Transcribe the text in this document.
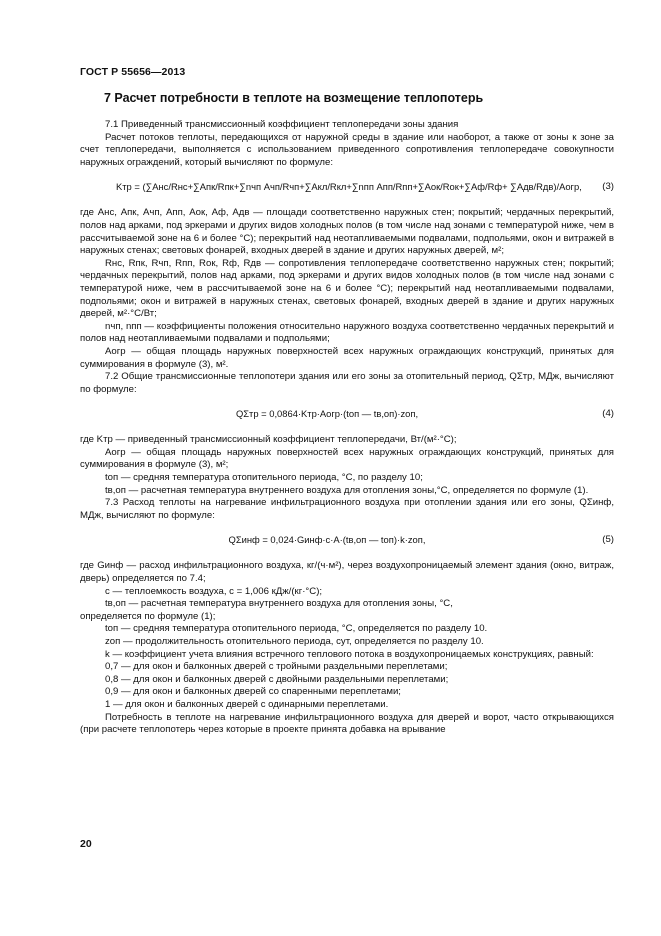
ГОСТ Р 55656—2013
7 Расчет потребности в теплоте на возмещение теплопотерь

7.1 Приведенный трансмиссионный коэффициент теплопередачи зоны здания

Расчет потоков теплоты, передающихся от наружной среды в здание или наоборот, а также от зоны к зоне за счет теплопередачи, выполняется с использованием приведенного сопротивления теплопередаче совокупности наружных ограждений, который вычисляют по формуле:

Kтр = (∑Aнс/Rнс+∑Aпк/Rпк+∑nчп Aчп/Rчп+∑Aкл/Rкл+∑nпп Aпп/Rпп+∑Aок/Rок+∑Aф/Rф+ ∑Aдв/Rдв)/Aогр, (3)

где Aнс, Aпк, Aчп, Aпп, Aок, Aф, Aдв — площади соответственно наружных стен; покрытий; чердачных перекрытий, полов над арками, под эркерами и других видов холодных полов (в том числе над зонами с температурой ниже, чем в рассчитываемой зоне на 6 и более °C); перекрытий над неотапливаемыми подвалами, подпольями, окон и витражей в наружных стенах; световых фонарей, входных дверей в здание и других наружных дверей, м²;

Rнс, Rпк, Rчп, Rпп, Rок, Rф, Rдв — сопротивления теплопередаче соответственно наружных стен; покрытий; чердачных перекрытий, полов над арками, под эркерами и других видов холодных полов (в том числе над зонами с температурой ниже, чем в рассчитываемой зоне на 6 и более °C); перекрытий над неотапливаемыми подвалами, подпольями; окон и витражей в наружных стенах, световых фонарей, входных дверей в здание и других наружных дверей, м²·°C/Вт;

nчп, nпп — коэффициенты положения относительно наружного воздуха соответственно чердачных перекрытий и полов над неотапливаемыми подвалами и подпольями;

Aогр — общая площадь наружных поверхностей всех наружных ограждающих конструкций, принятых для суммирования в формуле (3), м².

7.2 Общие трансмиссионные теплопотери здания или его зоны за отопительный период, QΣтр, МДж, вычисляют по формуле:

QΣтр = 0,0864·Kтр·Aогр·(tоп — tв,оп)·zоп,	(4)

где Kтр — приведенный трансмиссионный коэффициент теплопередачи, Вт/(м²·°C);

Aогр — общая площадь наружных поверхностей всех наружных ограждающих конструкций, принятых для суммирования в формуле (3), м²;

tоп — средняя температура отопительного периода, °C, по разделу 10;

tв,оп — расчетная температура внутреннего воздуха для отопления зоны,°C, определяется по формуле (1).

7.3 Расход теплоты на нагревание инфильтрационного воздуха при отоплении здания или его зоны, QΣинф, МДж, вычисляют по формуле:

QΣинф = 0,024·Gинф·c·A·(tв,оп — tоп)·k·zоп,	(5)

где Gинф — расход инфильтрационного воздуха, кг/(ч·м²), через воздухопроницаемый элемент здания (окно, витраж, дверь) определяется по 7.4;

c — теплоемкость воздуха, c = 1,006 кДж/(кг·°C);

tв,оп — расчетная температура внутреннего воздуха для отопления зоны, °C,

определяется по формуле (1);

tоп — средняя температура отопительного периода, °C, определяется по разделу 10.

zоп — продолжительность отопительного периода, сут, определяется по разделу 10.

k — коэффициент учета влияния встречного теплового потока в воздухопроницаемых конструкциях, равный:

0,7 — для окон и балконных дверей с тройными раздельными переплетами;

0,8 — для окон и балконных дверей с двойными раздельными переплетами;

0,9 — для окон и балконных дверей со спаренными переплетами;

1 — для окон и балконных дверей с одинарными переплетами.

Потребность в теплоте на нагревание инфильтрационного воздуха для дверей и ворот, часто открывающихся (при расчете теплопотерь через которые в проекте принята добавка на врывание

20
